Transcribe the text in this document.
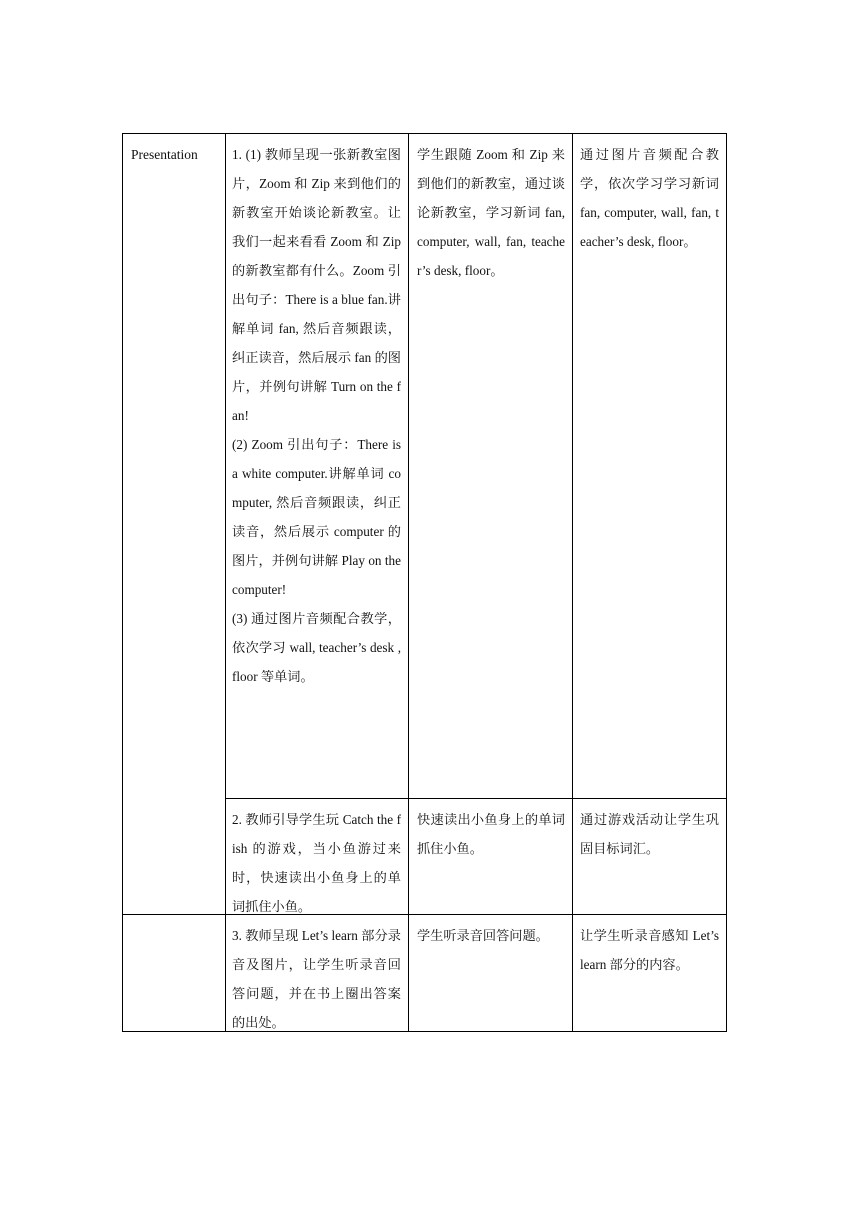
Presentation	1. (1) 教师呈现一张新教室图片，Zoom 和 Zip 来到他们的新教室开始谈论新教室。让我们一起来看看 Zoom 和 Zip 的新教室都有什么。Zoom 引出句子：There is a blue fan.讲解单词 fan, 然后音频跟读，纠正读音，然后展示 fan 的图片，并例句讲解 Turn on the fan!
(2) Zoom 引出句子：There is a white computer.讲解单词 computer, 然后音频跟读，纠正读音，然后展示 computer 的图片，并例句讲解 Play on the computer!
(3) 通过图片音频配合教学，依次学习 wall, teacher’s desk , floor 等单词。
学生跟随 Zoom 和 Zip 来到他们的新教室，通过谈论新教室，学习新词 fan, computer, wall, fan, teacher’s desk, floor。
通过图片音频配合教学，依次学习学习新词 fan, computer, wall, fan, teacher’s desk, floor。
2. 教师引导学生玩 Catch the fish 的游戏，当小鱼游过来时，快速读出小鱼身上的单词抓住小鱼。
快速读出小鱼身上的单词抓住小鱼。
通过游戏活动让学生巩固目标词汇。
3. 教师呈现 Let’s learn 部分录音及图片，让学生听录音回答问题，并在书上圈出答案的出处。
学生听录音回答问题。	让学生听录音感知 Let’s learn 部分的内容。
